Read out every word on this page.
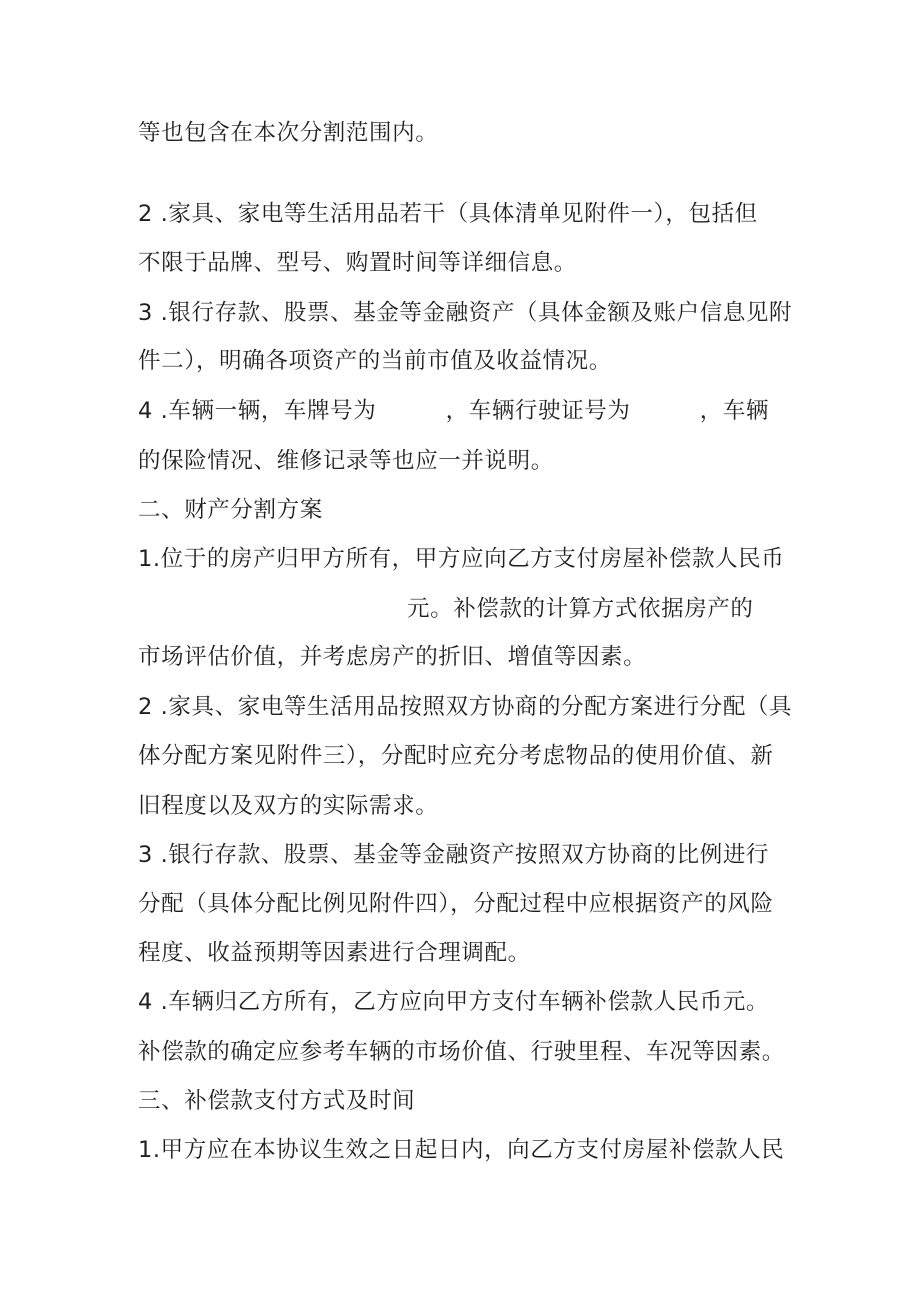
等也包含在本次分割范围内。

2 .家具、家电等生活用品若干（具体清单见附件一），包括但

不限于品牌、型号、购置时间等详细信息。

3 .银行存款、股票、基金等金融资产（具体金额及账户信息见附

件二），明确各项资产的当前市值及收益情况。

4 .车辆一辆，车牌号为　　　，车辆行驶证号为　　　，车辆

的保险情况、维修记录等也应一并说明。

二、财产分割方案

1.位于的房产归甲方所有，甲方应向乙方支付房屋补偿款人民币

元。补偿款的计算方式依据房产的

市场评估价值，并考虑房产的折旧、增值等因素。

2 .家具、家电等生活用品按照双方协商的分配方案进行分配（具

体分配方案见附件三），分配时应充分考虑物品的使用价值、新

旧程度以及双方的实际需求。

3 .银行存款、股票、基金等金融资产按照双方协商的比例进行

分配（具体分配比例见附件四），分配过程中应根据资产的风险

程度、收益预期等因素进行合理调配。

4 .车辆归乙方所有，乙方应向甲方支付车辆补偿款人民币元。

补偿款的确定应参考车辆的市场价值、行驶里程、车况等因素。

三、补偿款支付方式及时间

1.甲方应在本协议生效之日起日内，向乙方支付房屋补偿款人民
